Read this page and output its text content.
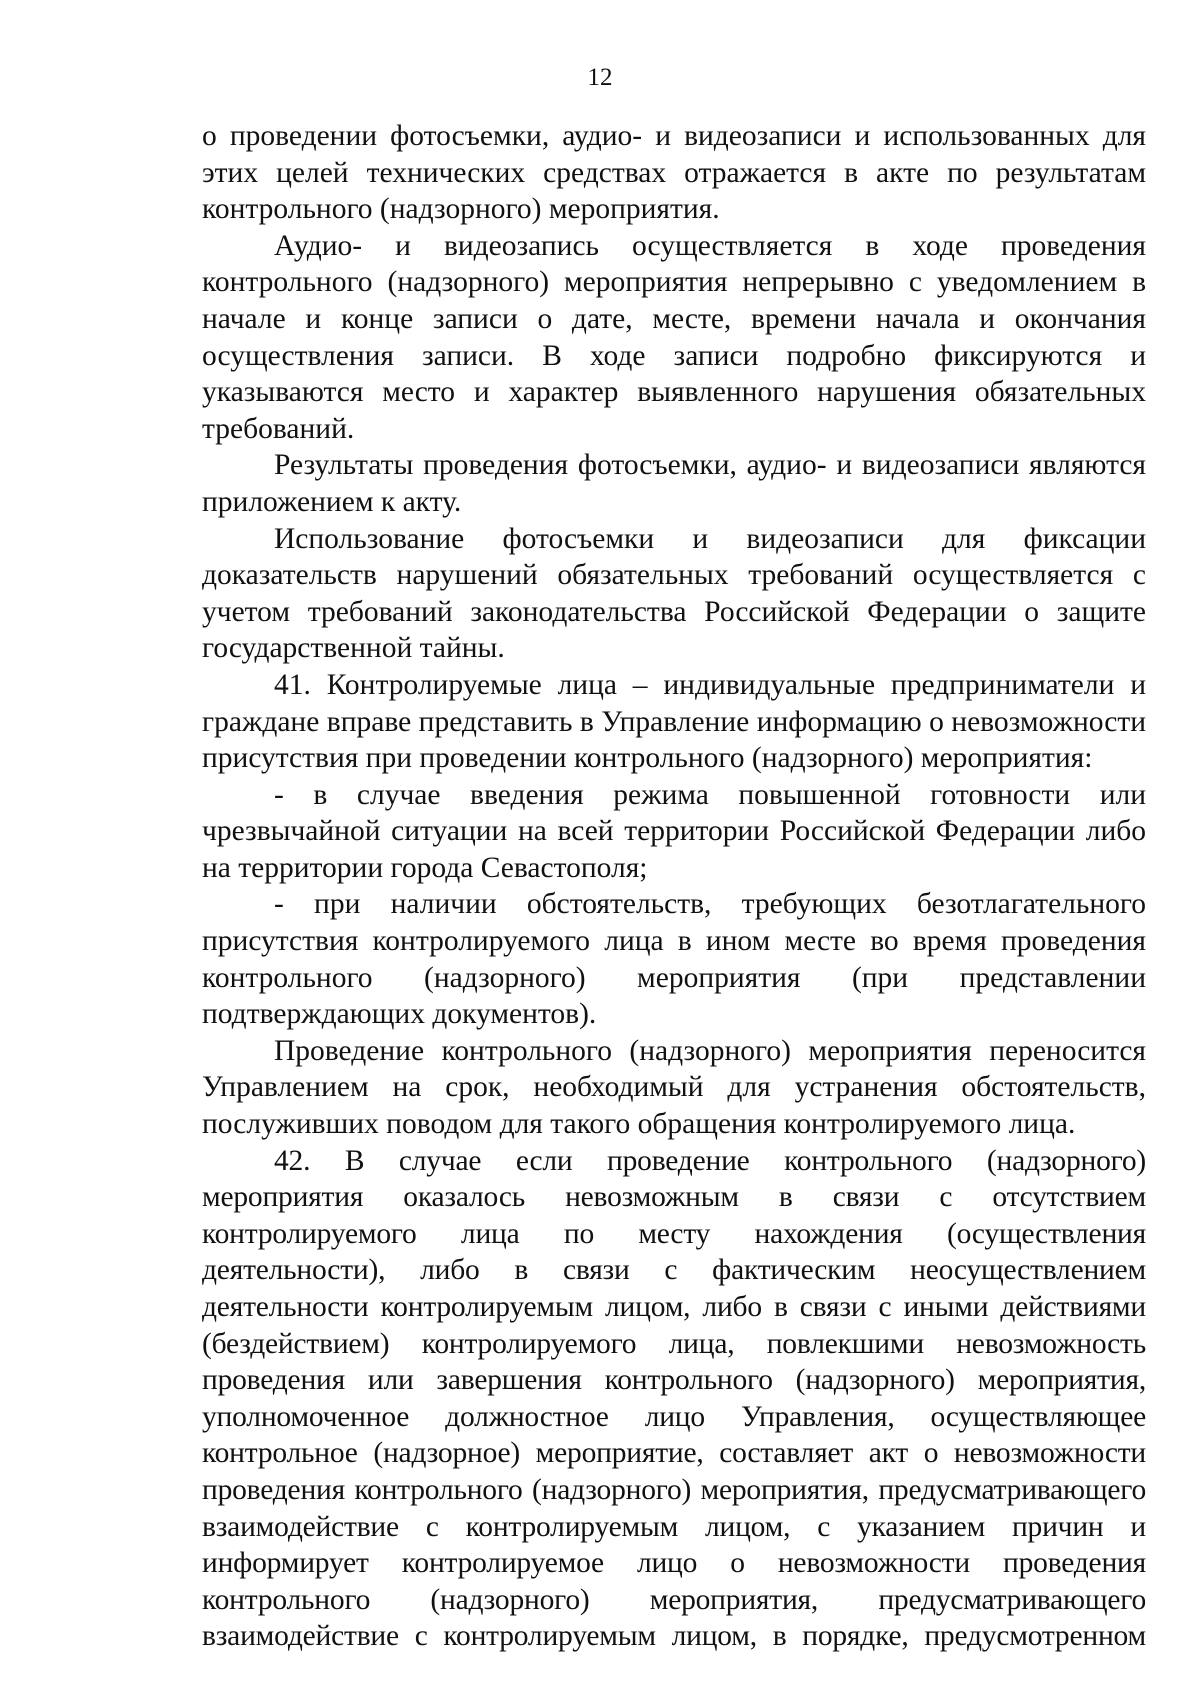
12

о проведении фотосъемки, аудио- и видеозаписи и использованных для этих целей технических средствах отражается в акте по результатам контрольного (надзорного) мероприятия.

Аудио- и видеозапись осуществляется в ходе проведения контрольного (надзорного) мероприятия непрерывно с уведомлением в начале и конце записи о дате, месте, времени начала и окончания осуществления записи. В ходе записи подробно фиксируются и указываются место и характер выявленного нарушения обязательных требований.

Результаты проведения фотосъемки, аудио- и видеозаписи являются приложением к акту.

Использование фотосъемки и видеозаписи для фиксации доказательств нарушений обязательных требований осуществляется с учетом требований законодательства Российской Федерации о защите государственной тайны.

41. Контролируемые лица – индивидуальные предприниматели и граждане вправе представить в Управление информацию о невозможности присутствия при проведении контрольного (надзорного) мероприятия:

- в случае введения режима повышенной готовности или чрезвычайной ситуации на всей территории Российской Федерации либо на территории города Севастополя;

- при наличии обстоятельств, требующих безотлагательного присутствия контролируемого лица в ином месте во время проведения контрольного (надзорного) мероприятия (при представлении подтверждающих документов).

Проведение контрольного (надзорного) мероприятия переносится Управлением на срок, необходимый для устранения обстоятельств, послуживших поводом для такого обращения контролируемого лица.

42. В случае если проведение контрольного (надзорного) мероприятия оказалось невозможным в связи с отсутствием контролируемого лица по месту нахождения (осуществления деятельности), либо в связи с фактическим неосуществлением деятельности контролируемым лицом, либо в связи с иными действиями (бездействием) контролируемого лица, повлекшими невозможность проведения или завершения контрольного (надзорного) мероприятия, уполномоченное должностное лицо Управления, осуществляющее контрольное (надзорное) мероприятие, составляет акт о невозможности проведения контрольного (надзорного) мероприятия, предусматривающего взаимодействие с контролируемым лицом, с указанием причин и информирует контролируемое лицо о невозможности проведения контрольного (надзорного) мероприятия, предусматривающего взаимодействие с контролируемым лицом, в порядке, предусмотренном
